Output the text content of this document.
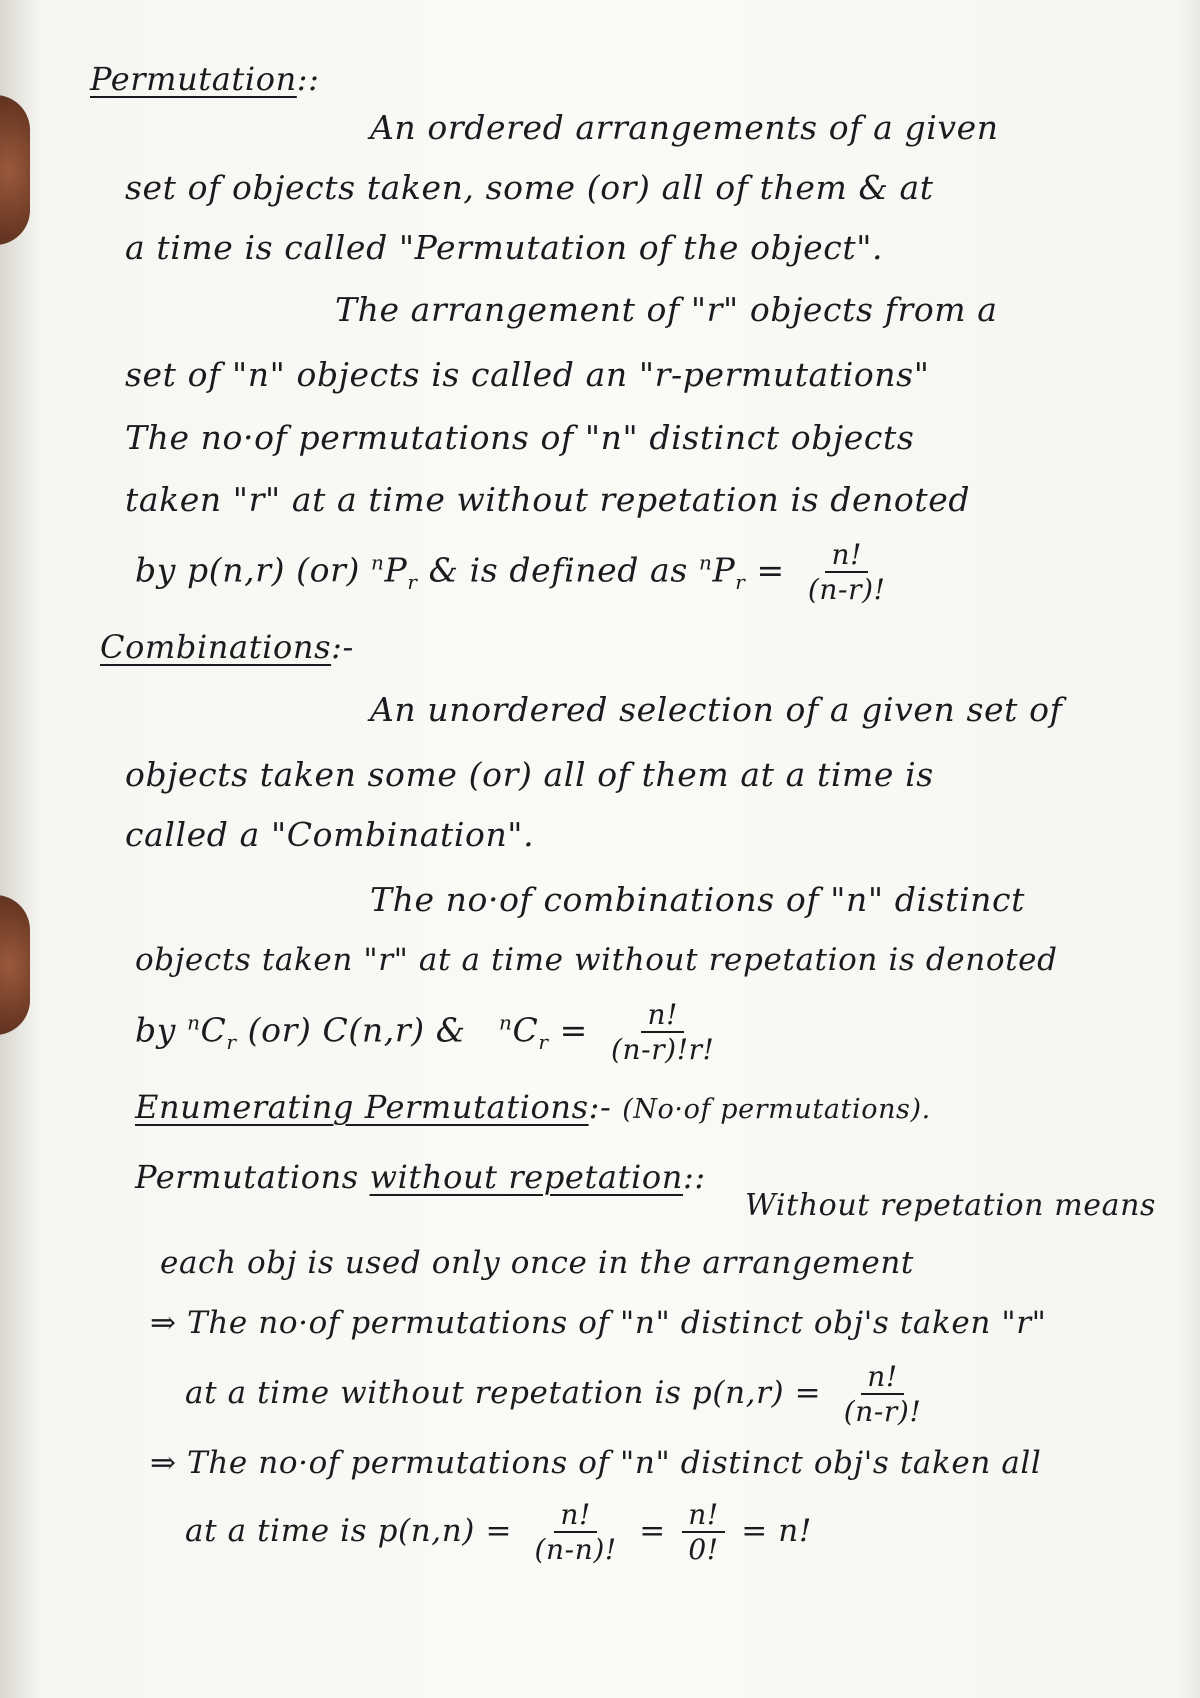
Permutation::
An ordered arrangements of a given
set of objects taken, some (or) all of them & at
a time is called "Permutation of the object".
The arrangement of "r" objects from a
set of "n" objects is called an "r-permutations"
The no·of permutations of "n" distinct objects
taken "r" at a time without repetation is denoted
by p(n,r) (or) $^nP_r$ & is defined as $^nP_r = \frac{n!}{(n-r)!}$
Combinations:-
An unordered selection of a given set of
objects taken some (or) all of them at a time is
called a "Combination".
The no·of combinations of "n" distinct
objects taken "r" at a time without repetation is denoted
by $^nC_r$ (or) C(n,r) & $^nC_r = \frac{n!}{(n-r)!r!}$
Enumerating Permutations:- (No·of permutations).
Permutations without repetation::
Without repetation means
each obj is used only once in the arrangement
⇒ The no·of permutations of "n" distinct obj's taken "r"
at a time without repetation is $p(n,r) = \frac{n!}{(n-r)!}$
⇒ The no·of permutations of "n" distinct obj's taken all
at a time is $p(n,n) = \frac{n!}{(n-n)!} = \frac{n!}{0!} = n$!
